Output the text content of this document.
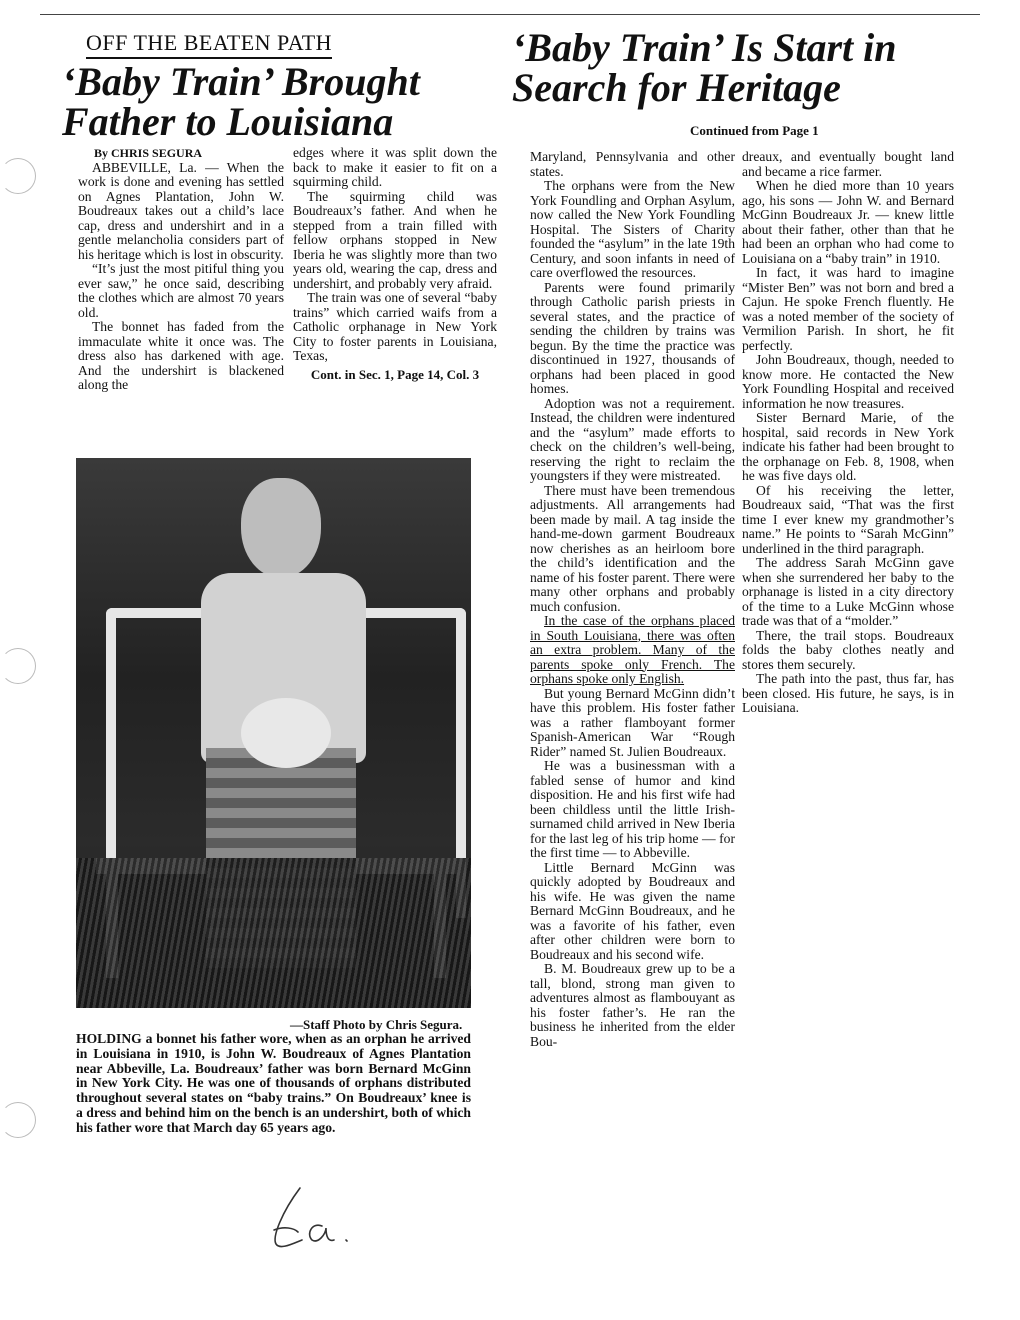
OFF THE BEATEN PATH
‘Baby Train’ Brought Father to Louisiana
‘Baby Train’ Is Start in Search for Heritage
Continued from Page 1

By CHRIS SEGURA

ABBEVILLE, La. — When the work is done and evening has settled on Agnes Plantation, John W. Boudreaux takes out a child’s lace cap, dress and undershirt and in a gentle melancholia considers part of his heritage which is lost in obscurity.

“It’s just the most pitiful thing you ever saw,” he once said, describing the clothes which are almost 70 years old.

The bonnet has faded from the immaculate white it once was. The dress also has darkened with age. And the undershirt is blackened along the

edges where it was split down the back to make it easier to fit on a squirming child.

The squirming child was Boudreaux’s father. And when he stepped from a train filled with fellow orphans stopped in New Iberia he was slightly more than two years old, wearing the cap, dress and undershirt, and probably very afraid.

The train was one of several “baby trains” which carried waifs from a Catholic orphanage in New York City to foster parents in Louisiana, Texas,

Cont. in Sec. 1, Page 14, Col. 3

—Staff Photo by Chris Segura.
HOLDING a bonnet his father wore, when as an orphan he arrived in Louisiana in 1910, is John W. Boudreaux of Agnes Plantation near Abbeville, La. Boudreaux’ father was born Bernard McGinn in New York City. He was one of thousands of orphans distributed throughout several states on “baby trains.” On Boudreaux’ knee is a dress and behind him on the bench is an undershirt, both of which his father wore that March day 65 years ago.

Maryland, Pennsylvania and other states.

The orphans were from the New York Foundling and Orphan Asylum, now called the New York Foundling Hospital. The Sisters of Charity founded the “asylum” in the late 19th Century, and soon infants in need of care overflowed the resources.

Parents were found primarily through Catholic parish priests in several states, and the practice of sending the children by trains was begun. By the time the practice was discontinued in 1927, thousands of orphans had been placed in good homes.

Adoption was not a requirement. Instead, the children were indentured and the “asylum” made efforts to check on the children’s well-being, reserving the right to reclaim the youngsters if they were mistreated.

There must have been tremendous adjustments. All arrangements had been made by mail. A tag inside the hand-me-down garment Boudreaux now cherishes as an heirloom bore the child’s identification and the name of his foster parent. There were many other orphans and probably much confusion.

In the case of the orphans placed in South Louisiana, there was often an extra problem. Many of the parents spoke only French. The orphans spoke only English.

But young Bernard McGinn didn’t have this problem. His foster father was a rather flamboyant former Spanish-American War “Rough Rider” named St. Julien Boudreaux.

He was a businessman with a fabled sense of humor and kind disposition. He and his first wife had been childless until the little Irish-surnamed child arrived in New Iberia for the last leg of his trip home — for the first time — to Abbeville.

Little Bernard McGinn was quickly adopted by Boudreaux and his wife. He was given the name Bernard McGinn Boudreaux, and he was a favorite of his father, even after other children were born to Boudreaux and his second wife.

B. M. Boudreaux grew up to be a tall, blond, strong man given to adventures almost as flambouyant as his foster father’s. He ran the business he inherited from the elder Bou-

dreaux, and eventually bought land and became a rice farmer.

When he died more than 10 years ago, his sons — John W. and Bernard McGinn Boudreaux Jr. — knew little about their father, other than that he had been an orphan who had come to Louisiana on a “baby train” in 1910.

In fact, it was hard to imagine “Mister Ben” was not born and bred a Cajun. He spoke French fluently. He was a noted member of the society of Vermilion Parish. In short, he fit perfectly.

John Boudreaux, though, needed to know more. He contacted the New York Foundling Hospital and received information he now treasures.

Sister Bernard Marie, of the hospital, said records in New York indicate his father had been brought to the orphanage on Feb. 8, 1908, when he was five days old.

Of his receiving the letter, Boudreaux said, “That was the first time I ever knew my grandmother’s name.” He points to “Sarah McGinn” underlined in the third paragraph.

The address Sarah McGinn gave when she surrendered her baby to the orphanage is listed in a city directory of the time to a Luke McGinn whose trade was that of a “molder.”

There, the trail stops. Boudreaux folds the baby clothes neatly and stores them securely.

The path into the past, thus far, has been closed. His future, he says, is in Louisiana.
